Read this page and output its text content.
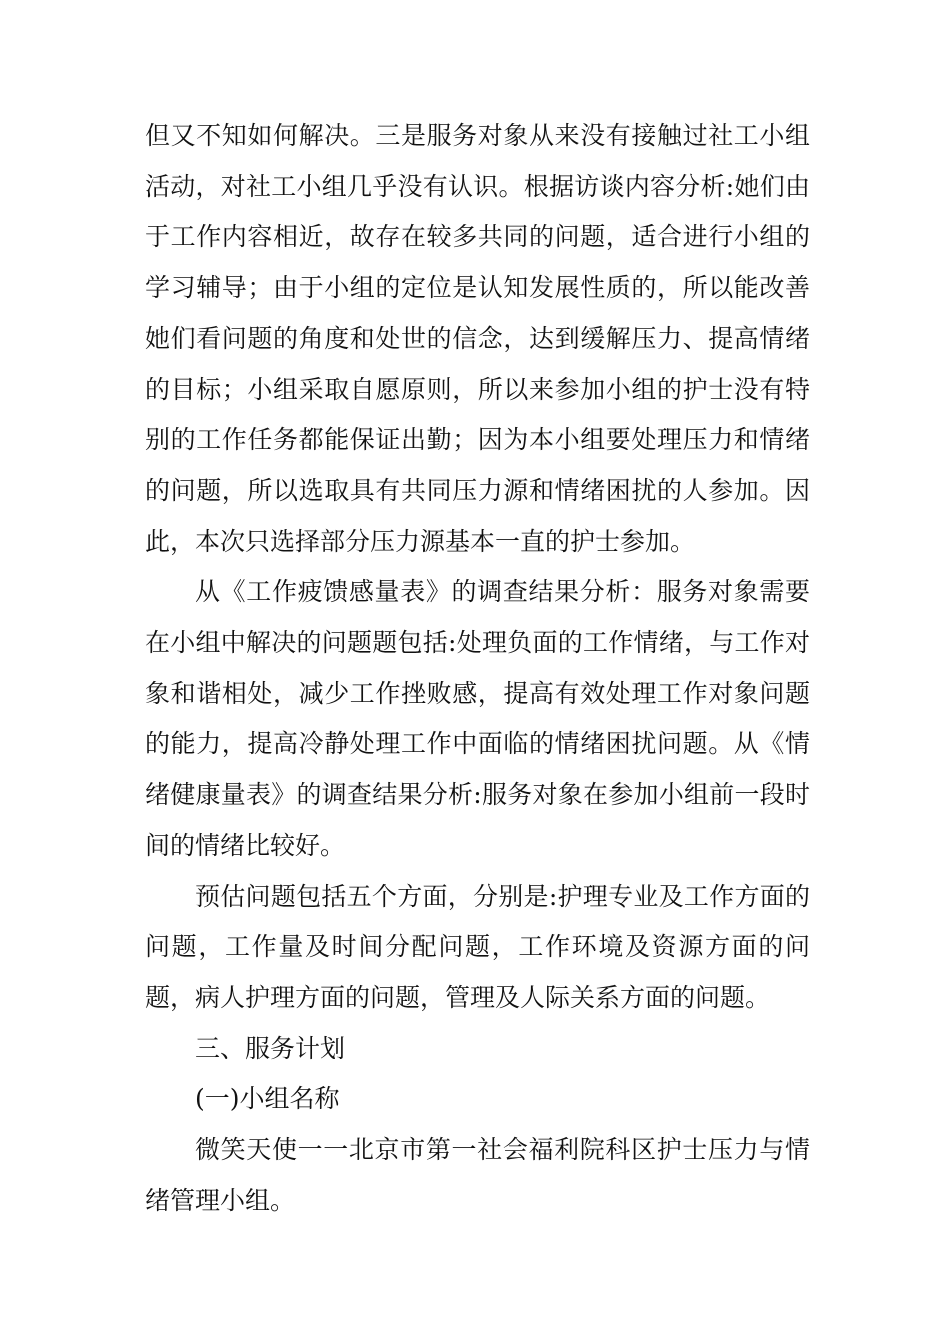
但又不知如何解决。三是服务对象从来没有接触过社工小组活动，对社工小组几乎没有认识。根据访谈内容分析:她们由于工作内容相近，故存在较多共同的问题，适合进行小组的学习辅导；由于小组的定位是认知发展性质的，所以能改善她们看问题的角度和处世的信念，达到缓解压力、提高情绪的目标；小组采取自愿原则，所以来参加小组的护士没有特别的工作任务都能保证出勤；因为本小组要处理压力和情绪的问题，所以选取具有共同压力源和情绪困扰的人参加。因此，本次只选择部分压力源基本一直的护士参加。

从《工作疲馈感量表》的调查结果分析：服务对象需要在小组中解决的问题题包括:处理负面的工作情绪，与工作对象和谐相处，减少工作挫败感，提高有效处理工作对象问题的能力，提高冷静处理工作中面临的情绪困扰问题。从《情绪健康量表》的调查结果分析:服务对象在参加小组前一段时间的情绪比较好。

预估问题包括五个方面，分别是:护理专业及工作方面的问题，工作量及时间分配问题，工作环境及资源方面的问题，病人护理方面的问题，管理及人际关系方面的问题。

三、服务计划

(一)小组名称

微笑天使一一北京市第一社会福利院科区护士压力与情绪管理小组。
